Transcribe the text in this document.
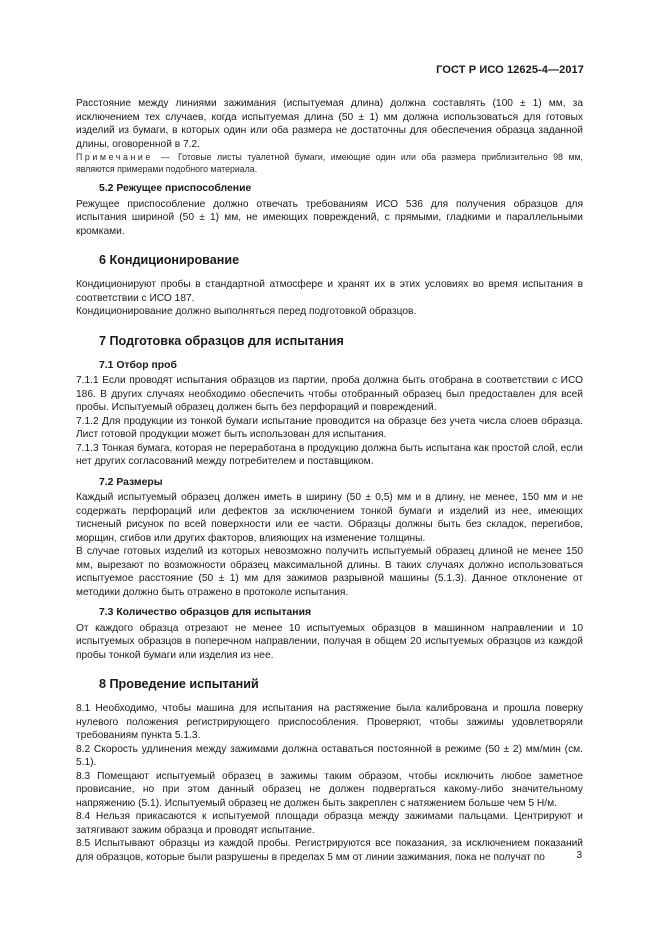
ГОСТ Р ИСО 12625-4—2017

Расстояние между линиями зажимания (испытуемая длина) должна составлять (100 ± 1) мм, за исключением тех случаев, когда испытуемая длина (50 ± 1) мм должна использоваться для готовых изделий из бумаги, в которых один или оба размера не достаточны для обеспечения образца заданной длины, оговоренной в 7.2.

Примечание — Готовые листы туалетной бумаги, имеющие один или оба размера приблизительно 98 мм, являются примерами подобного материала.

5.2 Режущее приспособление

Режущее приспособление должно отвечать требованиям ИСО 536 для получения образцов для испытания шириной (50 ± 1) мм, не имеющих повреждений, с прямыми, гладкими и параллельными кромками.

6 Кондиционирование

Кондиционируют пробы в стандартной атмосфере и хранят их в этих условиях во время испытания в соответствии с ИСО 187.

Кондиционирование должно выполняться перед подготовкой образцов.

7 Подготовка образцов для испытания
7.1 Отбор проб

7.1.1 Если проводят испытания образцов из партии, проба должна быть отобрана в соответствии с ИСО 186. В других случаях необходимо обеспечить чтобы отобранный образец был предоставлен для всей пробы. Испытуемый образец должен быть без перфораций и повреждений.

7.1.2 Для продукции из тонкой бумаги испытание проводится на образце без учета числа слоев образца. Лист готовой продукции может быть использован для испытания.

7.1.3 Тонкая бумага, которая не переработана в продукцию должна быть испытана как простой слой, если нет других согласований между потребителем и поставщиком.

7.2 Размеры

Каждый испытуемый образец должен иметь в ширину (50 ± 0,5) мм и в длину, не менее, 150 мм и не содержать перфораций или дефектов за исключением тонкой бумаги и изделий из нее, имеющих тисненый рисунок по всей поверхности или ее части. Образцы должны быть без складок, перегибов, морщин, сгибов или других факторов, влияющих на изменение толщины.

В случае готовых изделий из которых невозможно получить испытуемый образец длиной не менее 150 мм, вырезают по возможности образец максимальной длины. В таких случаях должно использоваться испытуемое расстояние (50 ± 1) мм для зажимов разрывной машины (5.1.3). Данное отклонение от методики должно быть отражено в протоколе испытания.

7.3 Количество образцов для испытания

От каждого образца отрезают не менее 10 испытуемых образцов в машинном направлении и 10 испытуемых образцов в поперечном направлении, получая в общем 20 испытуемых образцов из каждой пробы тонкой бумаги или изделия из нее.

8 Проведение испытаний

8.1 Необходимо, чтобы машина для испытания на растяжение была калибрована и прошла поверку нулевого положения регистрирующего приспособления. Проверяют, чтобы зажимы удовлетворяли требованиям пункта 5.1.3.

8.2 Скорость удлинения между зажимами должна оставаться постоянной в режиме (50 ± 2) мм/мин (см. 5.1).

8.3 Помещают испытуемый образец в зажимы таким образом, чтобы исключить любое заметное провисание, но при этом данный образец не должен подвергаться какому-либо значительному напряжению (5.1). Испытуемый образец не должен быть закреплен с натяжением больше чем 5 Н/м.

8.4 Нельзя прикасаются к испытуемой площади образца между зажимами пальцами. Центрируют и затягивают зажим образца и проводят испытание.

8.5 Испытывают образцы из каждой пробы. Регистрируются все показания, за исключением показаний для образцов, которые были разрушены в пределах 5 мм от линии зажимания, пока не получат по	3
